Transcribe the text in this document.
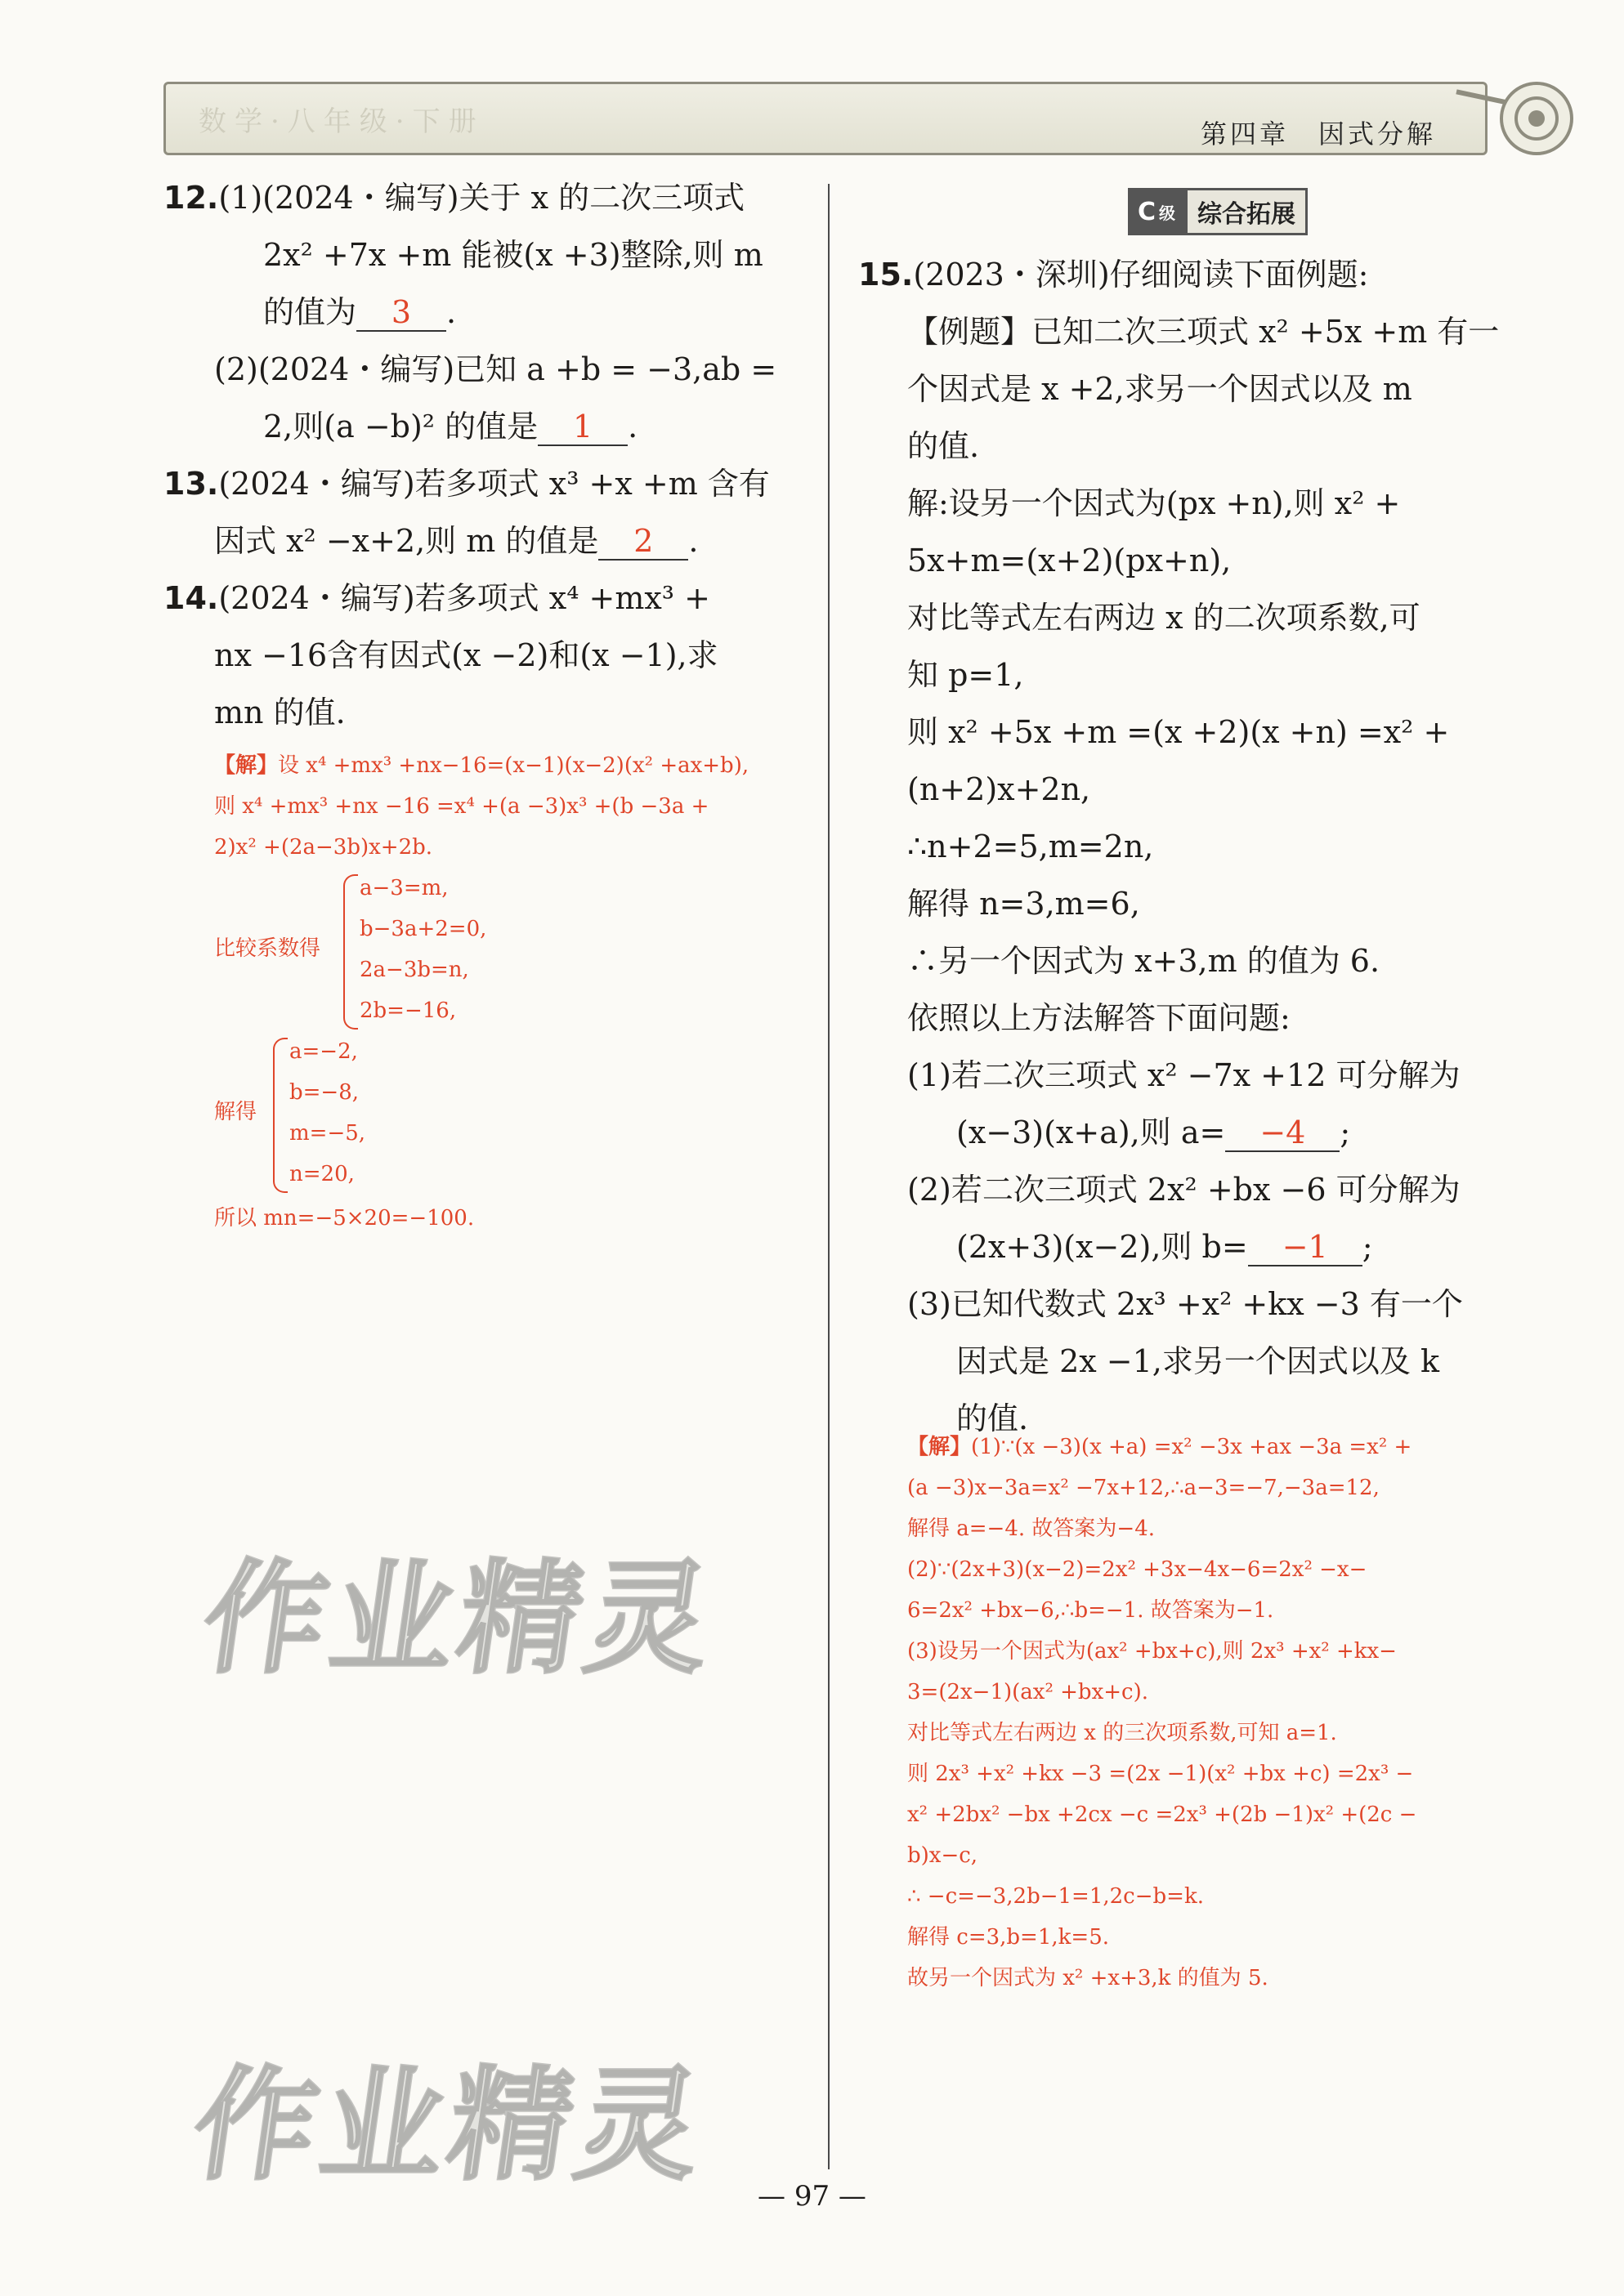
数学·八年级·下册	第四章　因式分解
12.(1)(2024・编写)关于 x 的二次三项式
2x² +7x +m 能被(x +3)整除,则 m
的值为 3 .
(2)(2024・编写)已知 a +b = −3,ab =
2,则(a −b)² 的值是 1 .
13.(2024・编写)若多项式 x³ +x +m 含有
因式 x² −x+2,则 m 的值是 2 .
14.(2024・编写)若多项式 x⁴ +mx³ +
nx −16含有因式(x −2)和(x −1),求
mn 的值.
【解】设 x⁴ +mx³ +nx−16=(x−1)(x−2)(x² +ax+b),
则 x⁴ +mx³ +nx −16 =x⁴ +(a −3)x³ +(b −3a +
2)x² +(2a−3b)x+2b.
比较系数得
a−3=m,
b−3a+2=0,
2a−3b=n,
2b=−16,
解得
a=−2,
b=−8,
m=−5,
n=20,
所以 mn=−5×20=−100.
作业精灵
作业精灵
C 级 综合拓展
15.(2023・深圳)仔细阅读下面例题:
【例题】已知二次三项式 x² +5x +m 有一
个因式是 x +2,求另一个因式以及 m
的值.
解:设另一个因式为(px +n),则 x² +
5x+m=(x+2)(px+n),
对比等式左右两边 x 的二次项系数,可
知 p=1,
则 x² +5x +m =(x +2)(x +n) =x² +
(n+2)x+2n,
∴n+2=5,m=2n,
解得 n=3,m=6,
∴另一个因式为 x+3,m 的值为 6.
依照以上方法解答下面问题:
(1)若二次三项式 x² −7x +12 可分解为
(x−3)(x+a),则 a= −4 ;
(2)若二次三项式 2x² +bx −6 可分解为
(2x+3)(x−2),则 b= −1 ;
(3)已知代数式 2x³ +x² +kx −3 有一个
因式是 2x −1,求另一个因式以及 k
的值.
【解】(1)∵(x −3)(x +a) =x² −3x +ax −3a =x² +
(a −3)x−3a=x² −7x+12,∴a−3=−7,−3a=12,
解得 a=−4. 故答案为−4.
(2)∵(2x+3)(x−2)=2x² +3x−4x−6=2x² −x−
6=2x² +bx−6,∴b=−1. 故答案为−1.
(3)设另一个因式为(ax² +bx+c),则 2x³ +x² +kx−
3=(2x−1)(ax² +bx+c).
对比等式左右两边 x 的三次项系数,可知 a=1.
则 2x³ +x² +kx −3 =(2x −1)(x² +bx +c) =2x³ −
x² +2bx² −bx +2cx −c =2x³ +(2b −1)x² +(2c −
b)x−c,
∴ −c=−3,2b−1=1,2c−b=k.
解得 c=3,b=1,k=5.
故另一个因式为 x² +x+3,k 的值为 5.
— 97 —
